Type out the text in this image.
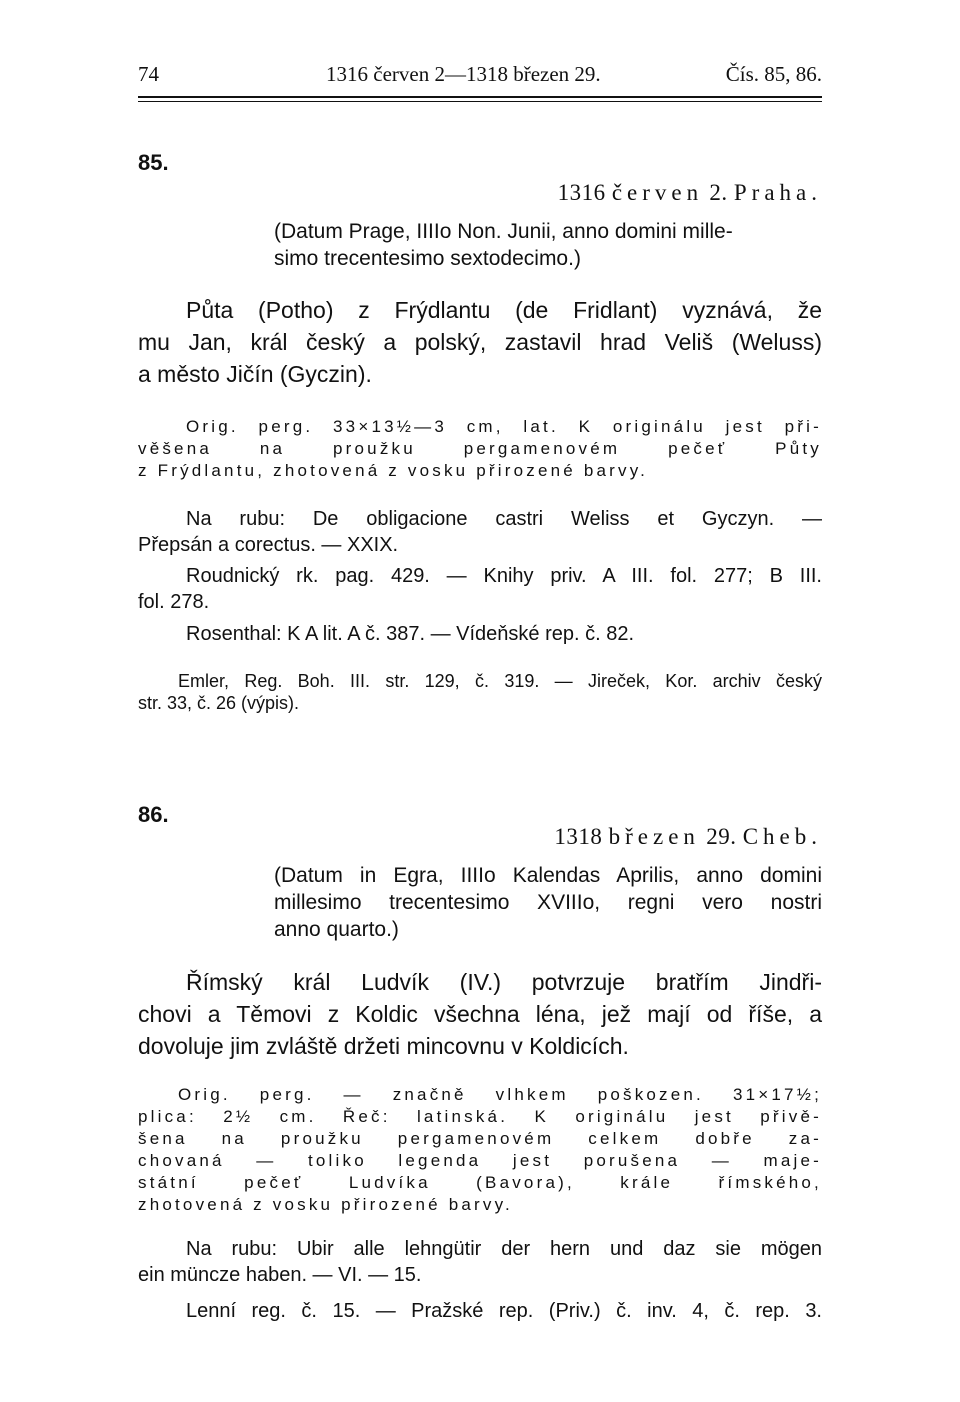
74	1316 červen 2—1318 březen 29.	Čís. 85, 86.
85.
1316 červen 2. Praha.
(Datum Prage, IIIIo Non. Junii, anno domini mille-
simo trecentesimo sextodecimo.)
Půta (Potho) z Frýdlantu (de Fridlant) vyznává, že
mu Jan, král český a polský, zastavil hrad Veliš (Weluss)
a město Jičín (Gyczin).
Orig. perg. 33×13½—3 cm, lat. K originálu jest při-
věšena na proužku pergamenovém pečeť Půty
z Frýdlantu, zhotovená z vosku přirozené barvy.
Na rubu: De obligacione castri Weliss et Gyczyn. —
Přepsán a corectus. — XXIX.
Roudnický rk. pag. 429. — Knihy priv. A III. fol. 277; B III.
fol. 278.
Rosenthal: K A lit. A č. 387. — Vídeňské rep. č. 82.
Emler, Reg. Boh. III. str. 129, č. 319. — Jireček, Kor. archiv český
str. 33, č. 26 (výpis).
86.
1318 březen 29. Cheb.
(Datum in Egra, IIIIo Kalendas Aprilis, anno domini
millesimo trecentesimo XVIIIo, regni vero nostri
anno quarto.)
Římský král Ludvík (IV.) potvrzuje bratřím Jindři-
chovi a Těmovi z Koldic všechna léna, jež mají od říše, a
dovoluje jim zvláště držeti mincovnu v Koldicích.
Orig. perg. — značně vlhkem poškozen. 31×17½;
plica: 2½ cm. Řeč: latinská. K originálu jest přivě-
šena na proužku pergamenovém celkem dobře za-
chovaná — toliko legenda jest porušena — maje-
státní pečeť Ludvíka (Bavora), krále římského,
zhotovená z vosku přirozené barvy.
Na rubu: Ubir alle lehngütir der hern und daz sie mögen
ein müncze haben. — VI. — 15.
Lenní reg. č. 15. — Pražské rep. (Priv.) č. inv. 4, č. rep. 3.
